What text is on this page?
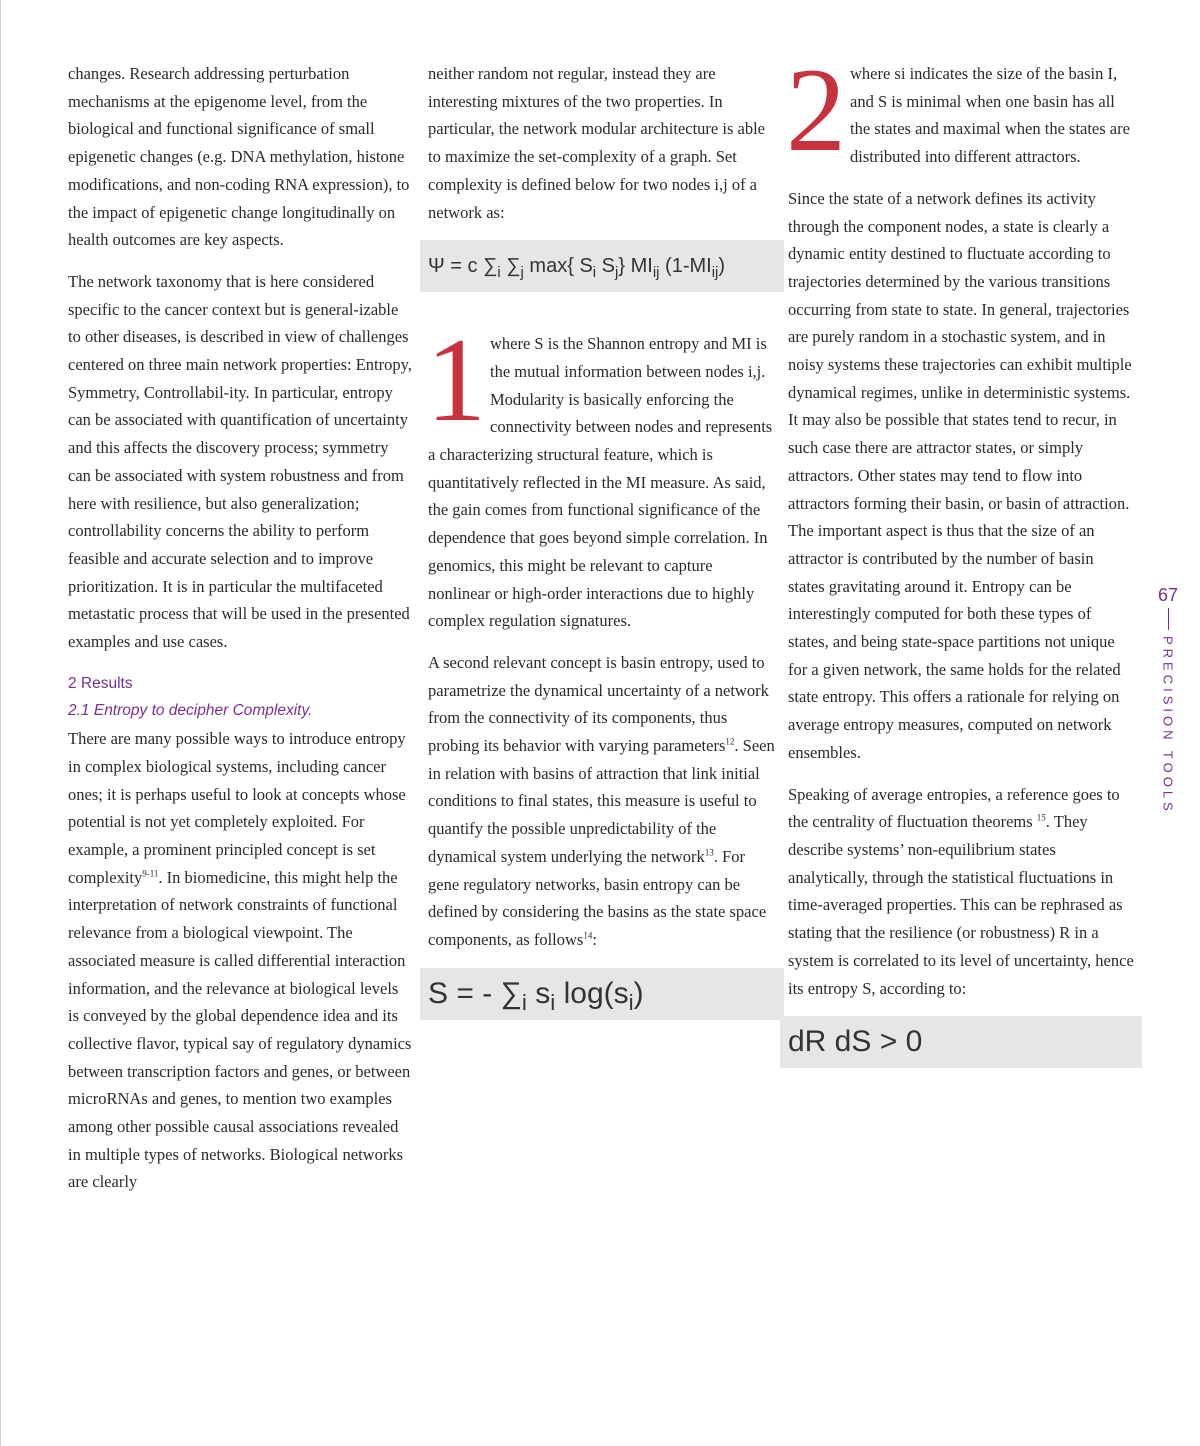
changes. Research addressing perturbation mechanisms at the epigenome level, from the biological and functional significance of small epigenetic changes (e.g. DNA methylation, histone modifications, and non-coding RNA expression), to the impact of epigenetic change longitudinally on health outcomes are key aspects.

The network taxonomy that is here considered specific to the cancer context but is general-izable to other diseases, is described in view of challenges centered on three main network properties: Entropy, Symmetry, Controllabil-ity. In particular, entropy can be associated with quantification of uncertainty and this affects the discovery process; symmetry can be associated with system robustness and from here with resilience, but also generalization; controllability concerns the ability to perform feasible and accurate selection and to improve prioritization. It is in particular the multifaceted metastatic process that will be used in the presented examples and use cases.

2 Results
2.1 Entropy to decipher Complexity.

There are many possible ways to introduce entropy in complex biological systems, including cancer ones; it is perhaps useful to look at concepts whose potential is not yet completely exploited. For example, a prominent principled concept is set complexity$^{9-11}$. In biomedicine, this might help the interpretation of network constraints of functional relevance from a biological viewpoint. The associated measure is called differential interaction information, and the relevance at biological levels is conveyed by the global dependence idea and its collective flavor, typical say of regulatory dynamics between transcription factors and genes, or between microRNAs and genes, to mention two examples among other possible causal associations revealed in multiple types of networks. Biological networks are clearly

neither random not regular, instead they are interesting mixtures of the two properties. In particular, the network modular architecture is able to maximize the set-complexity of a graph. Set complexity is defined below for two nodes i,j of a network as:

Ψ = c $\sum_i$ $\sum_j$ max{ $S_i$ $S_j$} $MI_{ij}$ $(1-MI_{ij})$

1 where S is the Shannon entropy and MI is the mutual information between nodes i,j. Modularity is basically enforcing the connectivity between nodes and represents a characterizing structural feature, which is quantitatively reflected in the MI measure. As said, the gain comes from functional significance of the dependence that goes beyond simple correlation. In genomics, this might be relevant to capture nonlinear or high-order interactions due to highly complex regulation signatures.

A second relevant concept is basin entropy, used to parametrize the dynamical uncertainty of a network from the connectivity of its components, thus probing its behavior with varying parameters$^{12}$. Seen in relation with basins of attraction that link initial conditions to final states, this measure is useful to quantify the possible unpredictability of the dynamical system underlying the network$^{13}$. For gene regulatory networks, basin entropy can be defined by considering the basins as the state space components, as follows$^{14}$:

S = - $\sum_i$ $s_i$ $\log(s_i)$

2 where si indicates the size of the basin I, and S is minimal when one basin has all the states and maximal when the states are distributed into different attractors.

Since the state of a network defines its activity through the component nodes, a state is clearly a dynamic entity destined to fluctuate according to trajectories determined by the various transitions occurring from state to state. In general, trajectories are purely random in a stochastic system, and in noisy systems these trajectories can exhibit multiple dynamical regimes, unlike in deterministic systems. It may also be possible that states tend to recur, in such case there are attractor states, or simply attractors. Other states may tend to flow into attractors forming their basin, or basin of attraction. The important aspect is thus that the size of an attractor is contributed by the number of basin states gravitating around it. Entropy can be interestingly computed for both these types of states, and being state-space partitions not unique for a given network, the same holds for the related state entropy. This offers a rationale for relying on average entropy measures, computed on network ensembles.

Speaking of average entropies, a reference goes to the centrality of fluctuation theorems $^{15}$. They describe systems’ non-equilibrium states analytically, through the statistical fluctuations in time-averaged properties. This can be rephrased as stating that the resilience (or robustness) R in a system is correlated to its level of uncertainty, hence its entropy S, according to:

dR dS > 0
67
PRECISION TOOLS
